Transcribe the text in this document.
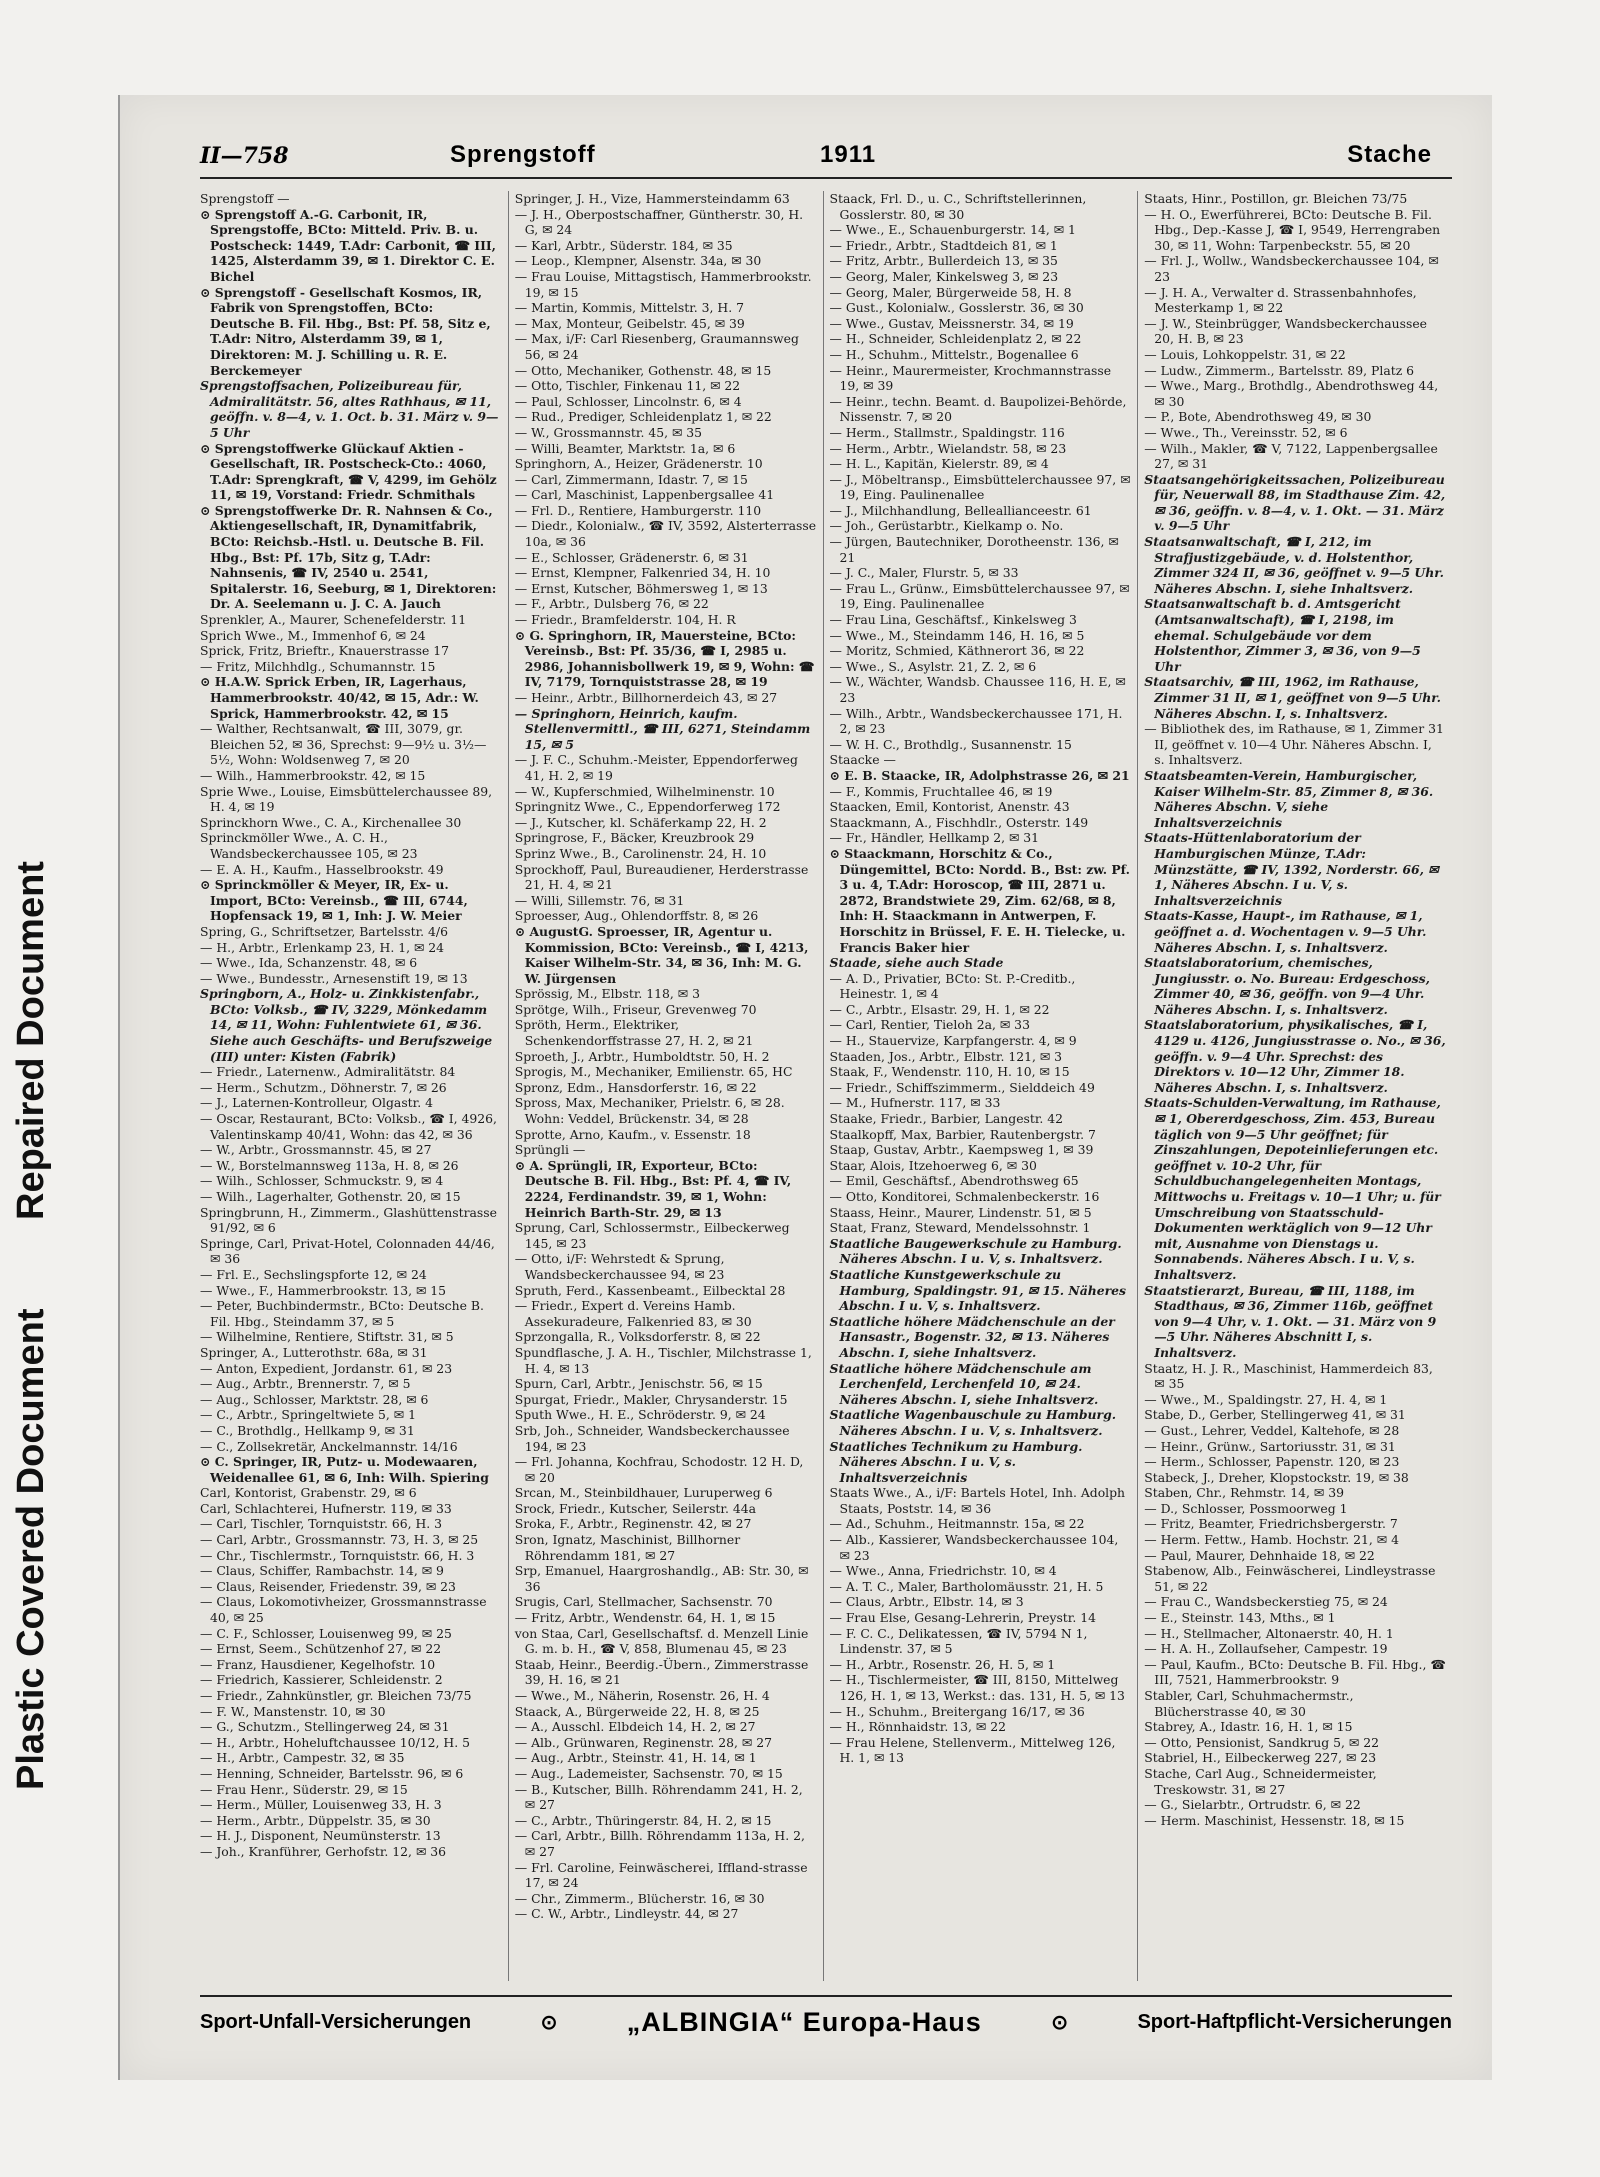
Plastic Covered Document
Repaired Document
II—758	Sprengstoff	1911	Stache

Sprengstoff —

⊙ Sprengstoff A.-G. Carbonit, IR, Sprengstoffe, BCto: Mitteld. Priv. B. u. Postscheck: 1449, T.Adr: Carbonit, ☎ III, 1425, Alsterdamm 39, ✉ 1. Direktor C. E. Bichel

⊙ Sprengstoff - Gesellschaft Kosmos, IR, Fabrik von Sprengstoffen, BCto: Deutsche B. Fil. Hbg., Bst: Pf. 58, Sitz e, T.Adr: Nitro, Alsterdamm 39, ✉ 1, Direktoren: M. J. Schilling u. R. E. Berckemeyer

Sprengstoffsachen, Polizeibureau für, Admiralitätstr. 56, altes Rathhaus, ✉ 11, geöffn. v. 8—4, v. 1. Oct. b. 31. März v. 9—5 Uhr

⊙ Sprengstoffwerke Glückauf Aktien - Gesellschaft, IR. Postscheck-Cto.: 4060, T.Adr: Sprengkraft, ☎ V, 4299, im Gehölz 11, ✉ 19, Vorstand: Friedr. Schmithals

⊙ Sprengstoffwerke Dr. R. Nahnsen & Co., Aktiengesellschaft, IR, Dynamitfabrik, BCto: Reichsb.-Hstl. u. Deutsche B. Fil. Hbg., Bst: Pf. 17b, Sitz g, T.Adr: Nahnsenis, ☎ IV, 2540 u. 2541, Spitalerstr. 16, Seeburg, ✉ 1, Direktoren: Dr. A. Seelemann u. J. C. A. Jauch

Sprenkler, A., Maurer, Schenefelderstr. 11

Sprich Wwe., M., Immenhof 6, ✉ 24

Sprick, Fritz, Brieftr., Knauerstrasse 17

— Fritz, Milchhdlg., Schumannstr. 15

⊙ H.A.W. Sprick Erben, IR, Lagerhaus, Hammerbrookstr. 40/42, ✉ 15, Adr.: W. Sprick, Hammerbrookstr. 42, ✉ 15

— Walther, Rechtsanwalt, ☎ III, 3079, gr. Bleichen 52, ✉ 36, Sprechst: 9—9½ u. 3½—5½, Wohn: Woldsenweg 7, ✉ 20

— Wilh., Hammerbrookstr. 42, ✉ 15

Sprie Wwe., Louise, Eimsbüttelerchaussee 89, H. 4, ✉ 19

Sprinckhorn Wwe., C. A., Kirchenallee 30

Sprinckmöller Wwe., A. C. H., Wandsbeckerchaussee 105, ✉ 23

— E. A. H., Kaufm., Hasselbrookstr. 49

⊙ Sprinckmöller & Meyer, IR, Ex- u. Import, BCto: Vereinsb., ☎ III, 6744, Hopfensack 19, ✉ 1, Inh: J. W. Meier

Spring, G., Schriftsetzer, Bartelsstr. 4/6

— H., Arbtr., Erlenkamp 23, H. 1, ✉ 24

— Wwe., Ida, Schanzenstr. 48, ✉ 6

— Wwe., Bundesstr., Arnesenstift 19, ✉ 13

Springborn, A., Holz- u. Zinkkistenfabr., BCto: Volksb., ☎ IV, 3229, Mönkedamm 14, ✉ 11, Wohn: Fuhlentwiete 61, ✉ 36. Siehe auch Geschäfts- und Berufszweige (III) unter: Kisten (Fabrik)

— Friedr., Laternenw., Admiralitätstr. 84

— Herm., Schutzm., Döhnerstr. 7, ✉ 26

— J., Laternen-Kontrolleur, Olgastr. 4

— Oscar, Restaurant, BCto: Volksb., ☎ I, 4926, Valentinskamp 40/41, Wohn: das 42, ✉ 36

— W., Arbtr., Grossmannstr. 45, ✉ 27

— W., Borstelmannsweg 113a, H. 8, ✉ 26

— Wilh., Schlosser, Schmuckstr. 9, ✉ 4

— Wilh., Lagerhalter, Gothenstr. 20, ✉ 15

Springbrunn, H., Zimmerm., Glashüttenstrasse 91/92, ✉ 6

Springe, Carl, Privat-Hotel, Colonnaden 44/46, ✉ 36

— Frl. E., Sechslingspforte 12, ✉ 24

— Wwe., F., Hammerbrookstr. 13, ✉ 15

— Peter, Buchbindermstr., BCto: Deutsche B. Fil. Hbg., Steindamm 37, ✉ 5

— Wilhelmine, Rentiere, Stiftstr. 31, ✉ 5

Springer, A., Lutterothstr. 68a, ✉ 31

— Anton, Expedient, Jordanstr. 61, ✉ 23

— Aug., Arbtr., Brennerstr. 7, ✉ 5

— Aug., Schlosser, Marktstr. 28, ✉ 6

— C., Arbtr., Springeltwiete 5, ✉ 1

— C., Brothdlg., Hellkamp 9, ✉ 31

— C., Zollsekretär, Anckelmannstr. 14/16

⊙ C. Springer, IR, Putz- u. Modewaaren, Weidenallee 61, ✉ 6, Inh: Wilh. Spiering

Carl, Kontorist, Grabenstr. 29, ✉ 6

Carl, Schlachterei, Hufnerstr. 119, ✉ 33

— Carl, Tischler, Tornquiststr. 66, H. 3

— Carl, Arbtr., Grossmannstr. 73, H. 3, ✉ 25

— Chr., Tischlermstr., Tornquiststr. 66, H. 3

— Claus, Schiffer, Rambachstr. 14, ✉ 9

— Claus, Reisender, Friedenstr. 39, ✉ 23

— Claus, Lokomotivheizer, Grossmannstrasse 40, ✉ 25

— C. F., Schlosser, Louisenweg 99, ✉ 25

— Ernst, Seem., Schützenhof 27, ✉ 22

— Franz, Hausdiener, Kegelhofstr. 10

— Friedrich, Kassierer, Schleidenstr. 2

— Friedr., Zahnkünstler, gr. Bleichen 73/75

— F. W., Manstenstr. 10, ✉ 30

— G., Schutzm., Stellingerweg 24, ✉ 31

— H., Arbtr., Hoheluftchaussee 10/12, H. 5

— H., Arbtr., Campestr. 32, ✉ 35

— Henning, Schneider, Bartelsstr. 96, ✉ 6

— Frau Henr., Süderstr. 29, ✉ 15

— Herm., Müller, Louisenweg 33, H. 3

— Herm., Arbtr., Düppelstr. 35, ✉ 30

— H. J., Disponent, Neumünsterstr. 13

— Joh., Kranführer, Gerhofstr. 12, ✉ 36

Springer, J. H., Vize, Hammersteindamm 63

— J. H., Oberpostschaffner, Güntherstr. 30, H. G, ✉ 24

— Karl, Arbtr., Süderstr. 184, ✉ 35

— Leop., Klempner, Alsenstr. 34a, ✉ 30

— Frau Louise, Mittagstisch, Hammerbrookstr. 19, ✉ 15

— Martin, Kommis, Mittelstr. 3, H. 7

— Max, Monteur, Geibelstr. 45, ✉ 39

— Max, i/F: Carl Riesenberg, Graumannsweg 56, ✉ 24

— Otto, Mechaniker, Gothenstr. 48, ✉ 15

— Otto, Tischler, Finkenau 11, ✉ 22

— Paul, Schlosser, Lincolnstr. 6, ✉ 4

— Rud., Prediger, Schleidenplatz 1, ✉ 22

— W., Grossmannstr. 45, ✉ 35

— Willi, Beamter, Marktstr. 1a, ✉ 6

Springhorn, A., Heizer, Grädenerstr. 10

— Carl, Zimmermann, Idastr. 7, ✉ 15

— Carl, Maschinist, Lappenbergsallee 41

— Frl. D., Rentiere, Hamburgerstr. 110

— Diedr., Kolonialw., ☎ IV, 3592, Alsterterrasse 10a, ✉ 36

— E., Schlosser, Grädenerstr. 6, ✉ 31

— Ernst, Klempner, Falkenried 34, H. 10

— Ernst, Kutscher, Böhmersweg 1, ✉ 13

— F., Arbtr., Dulsberg 76, ✉ 22

— Friedr., Bramfelderstr. 104, H. R

⊙ G. Springhorn, IR, Mauersteine, BCto: Vereinsb., Bst: Pf. 35/36, ☎ I, 2985 u. 2986, Johannisbollwerk 19, ✉ 9, Wohn: ☎ IV, 7179, Tornquiststrasse 28, ✉ 19

— Heinr., Arbtr., Billhornerdeich 43, ✉ 27

— Springhorn, Heinrich, kaufm. Stellenvermittl., ☎ III, 6271, Steindamm 15, ✉ 5

— J. F. C., Schuhm.-Meister, Eppendorferweg 41, H. 2, ✉ 19

— W., Kupferschmied, Wilhelminenstr. 10

Springnitz Wwe., C., Eppendorferweg 172

— J., Kutscher, kl. Schäferkamp 22, H. 2

Springrose, F., Bäcker, Kreuzbrook 29

Sprinz Wwe., B., Carolinenstr. 24, H. 10

Sprockhoff, Paul, Bureaudiener, Herderstrasse 21, H. 4, ✉ 21

— Willi, Sillemstr. 76, ✉ 31

Sproesser, Aug., Ohlendorffstr. 8, ✉ 26

⊙ AugustG. Sproesser, IR, Agentur u. Kommission, BCto: Vereinsb., ☎ I, 4213, Kaiser Wilhelm-Str. 34, ✉ 36, Inh: M. G. W. Jürgensen

Sprössig, M., Elbstr. 118, ✉ 3

Sprötge, Wilh., Friseur, Grevenweg 70

Spröth, Herm., Elektriker, Schenkendorffstrasse 27, H. 2, ✉ 21

Sproeth, J., Arbtr., Humboldtstr. 50, H. 2

Sprogis, M., Mechaniker, Emilienstr. 65, HC

Spronz, Edm., Hansdorferstr. 16, ✉ 22

Spross, Max, Mechaniker, Prielstr. 6, ✉ 28. Wohn: Veddel, Brückenstr. 34, ✉ 28

Sprotte, Arno, Kaufm., v. Essenstr. 18

Sprüngli —

⊙ A. Sprüngli, IR, Exporteur, BCto: Deutsche B. Fil. Hbg., Bst: Pf. 4, ☎ IV, 2224, Ferdinandstr. 39, ✉ 1, Wohn: Heinrich Barth-Str. 29, ✉ 13

Sprung, Carl, Schlossermstr., Eilbeckerweg 145, ✉ 23

— Otto, i/F: Wehrstedt & Sprung, Wandsbeckerchaussee 94, ✉ 23

Spruth, Ferd., Kassenbeamt., Eilbecktal 28

— Friedr., Expert d. Vereins Hamb. Assekuradeure, Falkenried 83, ✉ 30

Sprzongalla, R., Volksdorferstr. 8, ✉ 22

Spundflasche, J. A. H., Tischler, Milchstrasse 1, H. 4, ✉ 13

Spurn, Carl, Arbtr., Jenischstr. 56, ✉ 15

Spurgat, Friedr., Makler, Chrysanderstr. 15

Sputh Wwe., H. E., Schröderstr. 9, ✉ 24

Srb, Joh., Schneider, Wandsbeckerchaussee 194, ✉ 23

— Frl. Johanna, Kochfrau, Schodostr. 12 H. D, ✉ 20

Srcan, M., Steinbildhauer, Luruperweg 6

Srock, Friedr., Kutscher, Seilerstr. 44a

Sroka, F., Arbtr., Reginenstr. 42, ✉ 27

Sron, Ignatz, Maschinist, Billhorner Röhrendamm 181, ✉ 27

Srp, Emanuel, Haargroshandlg., AB: Str. 30, ✉ 36

Srugis, Carl, Stellmacher, Sachsenstr. 70

— Fritz, Arbtr., Wendenstr. 64, H. 1, ✉ 15

von Staa, Carl, Gesellschaftsf. d. Menzell Linie G. m. b. H., ☎ V, 858, Blumenau 45, ✉ 23

Staab, Heinr., Beerdig.-Übern., Zimmerstrasse 39, H. 16, ✉ 21

— Wwe., M., Näherin, Rosenstr. 26, H. 4

Staack, A., Bürgerweide 22, H. 8, ✉ 25

— A., Ausschl. Elbdeich 14, H. 2, ✉ 27

— Alb., Grünwaren, Reginenstr. 28, ✉ 27

— Aug., Arbtr., Steinstr. 41, H. 14, ✉ 1

— Aug., Lademeister, Sachsenstr. 70, ✉ 15

— B., Kutscher, Billh. Röhrendamm 241, H. 2, ✉ 27

— C., Arbtr., Thüringerstr. 84, H. 2, ✉ 15

— Carl, Arbtr., Billh. Röhrendamm 113a, H. 2, ✉ 27

— Frl. Caroline, Feinwäscherei, Iffland-strasse 17, ✉ 24

— Chr., Zimmerm., Blücherstr. 16, ✉ 30

— C. W., Arbtr., Lindleystr. 44, ✉ 27

Staack, Frl. D., u. C., Schriftstellerinnen, Gosslerstr. 80, ✉ 30

— Wwe., E., Schauenburgerstr. 14, ✉ 1

— Friedr., Arbtr., Stadtdeich 81, ✉ 1

— Fritz, Arbtr., Bullerdeich 13, ✉ 35

— Georg, Maler, Kinkelsweg 3, ✉ 23

— Georg, Maler, Bürgerweide 58, H. 8

— Gust., Kolonialw., Gosslerstr. 36, ✉ 30

— Wwe., Gustav, Meissnerstr. 34, ✉ 19

— H., Schneider, Schleidenplatz 2, ✉ 22

— H., Schuhm., Mittelstr., Bogenallee 6

— Heinr., Maurermeister, Krochmannstrasse 19, ✉ 39

— Heinr., techn. Beamt. d. Baupolizei-Behörde, Nissenstr. 7, ✉ 20

— Herm., Stallmstr., Spaldingstr. 116

— Herm., Arbtr., Wielandstr. 58, ✉ 23

— H. L., Kapitän, Kielerstr. 89, ✉ 4

— J., Möbeltransp., Eimsbüttelerchaussee 97, ✉ 19, Eing. Paulinenallee

— J., Milchhandlung, Belleallianceestr. 61

— Joh., Gerüstarbtr., Kielkamp o. No.

— Jürgen, Bautechniker, Dorotheenstr. 136, ✉ 21

— J. C., Maler, Flurstr. 5, ✉ 33

— Frau L., Grünw., Eimsbüttelerchaussee 97, ✉ 19, Eing. Paulinenallee

— Frau Lina, Geschäftsf., Kinkelsweg 3

— Wwe., M., Steindamm 146, H. 16, ✉ 5

— Moritz, Schmied, Käthnerort 36, ✉ 22

— Wwe., S., Asylstr. 21, Z. 2, ✉ 6

— W., Wächter, Wandsb. Chaussee 116, H. E, ✉ 23

— Wilh., Arbtr., Wandsbeckerchaussee 171, H. 2, ✉ 23

— W. H. C., Brothdlg., Susannenstr. 15

Staacke —

⊙ E. B. Staacke, IR, Adolphstrasse 26, ✉ 21

— F., Kommis, Fruchtallee 46, ✉ 19

Staacken, Emil, Kontorist, Anenstr. 43

Staackmann, A., Fischhdlr., Osterstr. 149

— Fr., Händler, Hellkamp 2, ✉ 31

⊙ Staackmann, Horschitz & Co., Düngemittel, BCto: Nordd. B., Bst: zw. Pf. 3 u. 4, T.Adr: Horoscop, ☎ III, 2871 u. 2872, Brandstwiete 29, Zim. 62/68, ✉ 8, Inh: H. Staackmann in Antwerpen, F. Horschitz in Brüssel, F. E. H. Tielecke, u. Francis Baker hier

Staade, siehe auch Stade

— A. D., Privatier, BCto: St. P.-Creditb., Heinestr. 1, ✉ 4

— C., Arbtr., Elsastr. 29, H. 1, ✉ 22

— Carl, Rentier, Tieloh 2a, ✉ 33

— H., Stauervize, Karpfangerstr. 4, ✉ 9

Staaden, Jos., Arbtr., Elbstr. 121, ✉ 3

Staak, F., Wendenstr. 110, H. 10, ✉ 15

— Friedr., Schiffszimmerm., Sielddeich 49

— M., Hufnerstr. 117, ✉ 33

Staake, Friedr., Barbier, Langestr. 42

Staalkopff, Max, Barbier, Rautenbergstr. 7

Staap, Gustav, Arbtr., Kaempsweg 1, ✉ 39

Staar, Alois, Itzehoerweg 6, ✉ 30

— Emil, Geschäftsf., Abendrothsweg 65

— Otto, Konditorei, Schmalenbeckerstr. 16

Staass, Heinr., Maurer, Lindenstr. 51, ✉ 5

Staat, Franz, Steward, Mendelssohnstr. 1

Staatliche Baugewerkschule zu Hamburg. Näheres Abschn. I u. V, s. Inhaltsverz.

Staatliche Kunstgewerkschule zu Hamburg, Spaldingstr. 91, ✉ 15. Näheres Abschn. I u. V, s. Inhaltsverz.

Staatliche höhere Mädchenschule an der Hansastr., Bogenstr. 32, ✉ 13. Näheres Abschn. I, siehe Inhaltsverz.

Staatliche höhere Mädchenschule am Lerchenfeld, Lerchenfeld 10, ✉ 24. Näheres Abschn. I, siehe Inhaltsverz.

Staatliche Wagenbauschule zu Hamburg. Näheres Abschn. I u. V, s. Inhaltsverz.

Staatliches Technikum zu Hamburg. Näheres Abschn. I u. V, s. Inhaltsverzeichnis

Staats Wwe., A., i/F: Bartels Hotel, Inh. Adolph Staats, Poststr. 14, ✉ 36

— Ad., Schuhm., Heitmannstr. 15a, ✉ 22

— Alb., Kassierer, Wandsbeckerchaussee 104, ✉ 23

— Wwe., Anna, Friedrichstr. 10, ✉ 4

— A. T. C., Maler, Bartholomäusstr. 21, H. 5

— Claus, Arbtr., Elbstr. 14, ✉ 3

— Frau Else, Gesang-Lehrerin, Preystr. 14

— F. C. C., Delikatessen, ☎ IV, 5794 N 1, Lindenstr. 37, ✉ 5

— H., Arbtr., Rosenstr. 26, H. 5, ✉ 1

— H., Tischlermeister, ☎ III, 8150, Mittelweg 126, H. 1, ✉ 13, Werkst.: das. 131, H. 5, ✉ 13

— H., Schuhm., Breitergang 16/17, ✉ 36

— H., Rönnhaidstr. 13, ✉ 22

— Frau Helene, Stellenverm., Mittelweg 126, H. 1, ✉ 13

Staats, Hinr., Postillon, gr. Bleichen 73/75

— H. O., Ewerführerei, BCto: Deutsche B. Fil. Hbg., Dep.-Kasse J, ☎ I, 9549, Herrengraben 30, ✉ 11, Wohn: Tarpenbeckstr. 55, ✉ 20

— Frl. J., Wollw., Wandsbeckerchaussee 104, ✉ 23

— J. H. A., Verwalter d. Strassenbahnhofes, Mesterkamp 1, ✉ 22

— J. W., Steinbrügger, Wandsbeckerchaussee 20, H. B, ✉ 23

— Louis, Lohkoppelstr. 31, ✉ 22

— Ludw., Zimmerm., Bartelsstr. 89, Platz 6

— Wwe., Marg., Brothdlg., Abendrothsweg 44, ✉ 30

— P., Bote, Abendrothsweg 49, ✉ 30

— Wwe., Th., Vereinsstr. 52, ✉ 6

— Wilh., Makler, ☎ V, 7122, Lappenbergsallee 27, ✉ 31

Staatsangehörigkeitssachen, Polizeibureau für, Neuerwall 88, im Stadthause Zim. 42, ✉ 36, geöffn. v. 8—4, v. 1. Okt. — 31. März v. 9—5 Uhr

Staatsanwaltschaft, ☎ I, 212, im Strafjustizgebäude, v. d. Holstenthor, Zimmer 324 II, ✉ 36, geöffnet v. 9—5 Uhr. Näheres Abschn. I, siehe Inhaltsverz.

Staatsanwaltschaft b. d. Amtsgericht (Amtsanwaltschaft), ☎ I, 2198, im ehemal. Schulgebäude vor dem Holstenthor, Zimmer 3, ✉ 36, von 9—5 Uhr

Staatsarchiv, ☎ III, 1962, im Rathause, Zimmer 31 II, ✉ 1, geöffnet von 9—5 Uhr. Näheres Abschn. I, s. Inhaltsverz.

— Bibliothek des, im Rathause, ✉ 1, Zimmer 31 II, geöffnet v. 10—4 Uhr. Näheres Abschn. I, s. Inhaltsverz.

Staatsbeamten-Verein, Hamburgischer, Kaiser Wilhelm-Str. 85, Zimmer 8, ✉ 36. Näheres Abschn. V, siehe Inhaltsverzeichnis

Staats-Hüttenlaboratorium der Hamburgischen Münze, T.Adr: Münzstätte, ☎ IV, 1392, Norderstr. 66, ✉ 1, Näheres Abschn. I u. V, s. Inhaltsverzeichnis

Staats-Kasse, Haupt-, im Rathause, ✉ 1, geöffnet a. d. Wochentagen v. 9—5 Uhr. Näheres Abschn. I, s. Inhaltsverz.

Staatslaboratorium, chemisches, Jungiusstr. o. No. Bureau: Erdgeschoss, Zimmer 40, ✉ 36, geöffn. von 9—4 Uhr. Näheres Abschn. I, s. Inhaltsverz.

Staatslaboratorium, physikalisches, ☎ I, 4129 u. 4126, Jungiusstrasse o. No., ✉ 36, geöffn. v. 9—4 Uhr. Sprechst: des Direktors v. 10—12 Uhr, Zimmer 18. Näheres Abschn. I, s. Inhaltsverz.

Staats-Schulden-Verwaltung, im Rathause, ✉ 1, Obererdgeschoss, Zim. 453, Bureau täglich von 9—5 Uhr geöffnet; für Zinszahlungen, Depoteinlieferungen etc. geöffnet v. 10-2 Uhr, für Schuldbuchangelegenheiten Montags, Mittwochs u. Freitags v. 10—1 Uhr; u. für Umschreibung von Staatsschuld-Dokumenten werktäglich von 9—12 Uhr mit, Ausnahme von Dienstags u. Sonnabends. Näheres Absch. I u. V, s. Inhaltsverz.

Staatstierarzt, Bureau, ☎ III, 1188, im Stadthaus, ✉ 36, Zimmer 116b, geöffnet von 9—4 Uhr, v. 1. Okt. — 31. März von 9—5 Uhr. Näheres Abschnitt I, s. Inhaltsverz.

Staatz, H. J. R., Maschinist, Hammerdeich 83, ✉ 35

— Wwe., M., Spaldingstr. 27, H. 4, ✉ 1

Stabe, D., Gerber, Stellingerweg 41, ✉ 31

— Gust., Lehrer, Veddel, Kaltehofe, ✉ 28

— Heinr., Grünw., Sartoriusstr. 31, ✉ 31

— Herm., Schlosser, Papenstr. 120, ✉ 23

Stabeck, J., Dreher, Klopstockstr. 19, ✉ 38

Staben, Chr., Rehmstr. 14, ✉ 39

— D., Schlosser, Possmoorweg 1

— Fritz, Beamter, Friedrichsbergerstr. 7

— Herm. Fettw., Hamb. Hochstr. 21, ✉ 4

— Paul, Maurer, Dehnhaide 18, ✉ 22

Stabenow, Alb., Feinwäscherei, Lindleystrasse 51, ✉ 22

— Frau C., Wandsbeckerstieg 75, ✉ 24

— E., Steinstr. 143, Mths., ✉ 1

— H., Stellmacher, Altonaerstr. 40, H. 1

— H. A. H., Zollaufseher, Campestr. 19

— Paul, Kaufm., BCto: Deutsche B. Fil. Hbg., ☎ III, 7521, Hammerbrookstr. 9

Stabler, Carl, Schuhmachermstr., Blücherstrasse 40, ✉ 30

Stabrey, A., Idastr. 16, H. 1, ✉ 15

— Otto, Pensionist, Sandkrug 5, ✉ 22

Stabriel, H., Eilbeckerweg 227, ✉ 23

Stache, Carl Aug., Schneidermeister, Treskowstr. 31, ✉ 27

— G., Sielarbtr., Ortrudstr. 6, ✉ 22

— Herm. Maschinist, Hessenstr. 18, ✉ 15

Sport-Unfall-Versicherungen	⊙	„ALBINGIA“ Europa-Haus	⊙	Sport-Haftpflicht-Versicherungen
